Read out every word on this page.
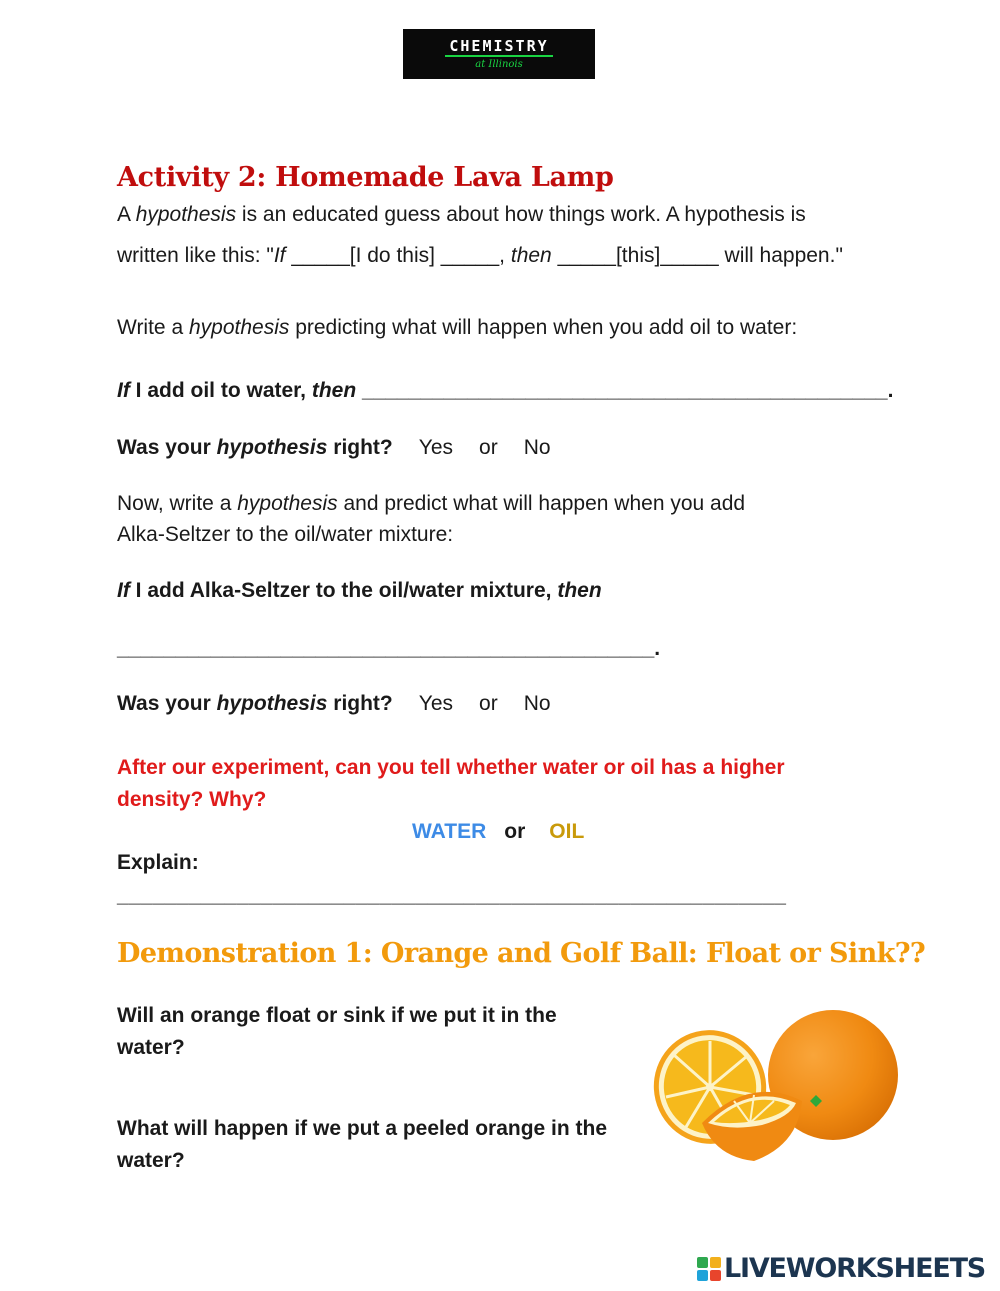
CHEMISTRY
at Illinois
Activity 2: Homemade Lava Lamp
A hypothesis is an educated guess about how things work. A hypothesis is
written like this: "If _____[I do this] _____, then _____[this]_____ will happen."
Write a hypothesis predicting what will happen when you add oil to water:
If I add oil to water, then _____________________________________________.
Was your hypothesis right? Yes or No
Now, write a hypothesis and predict what will happen when you add
Alka-Seltzer to the oil/water mixture:
If I add Alka-Seltzer to the oil/water mixture, then
______________________________________________.
Was your hypothesis right? Yes or No
After our experiment, can you tell whether water or oil has a higher
density? Why?
WATER or OIL
Explain:
________________________________________________________
Demonstration 1: Orange and Golf Ball: Float or Sink??
Will an orange float or sink if we put it in the
water?
What will happen if we put a peeled orange in the
water?
LIVEWORKSHEETS
